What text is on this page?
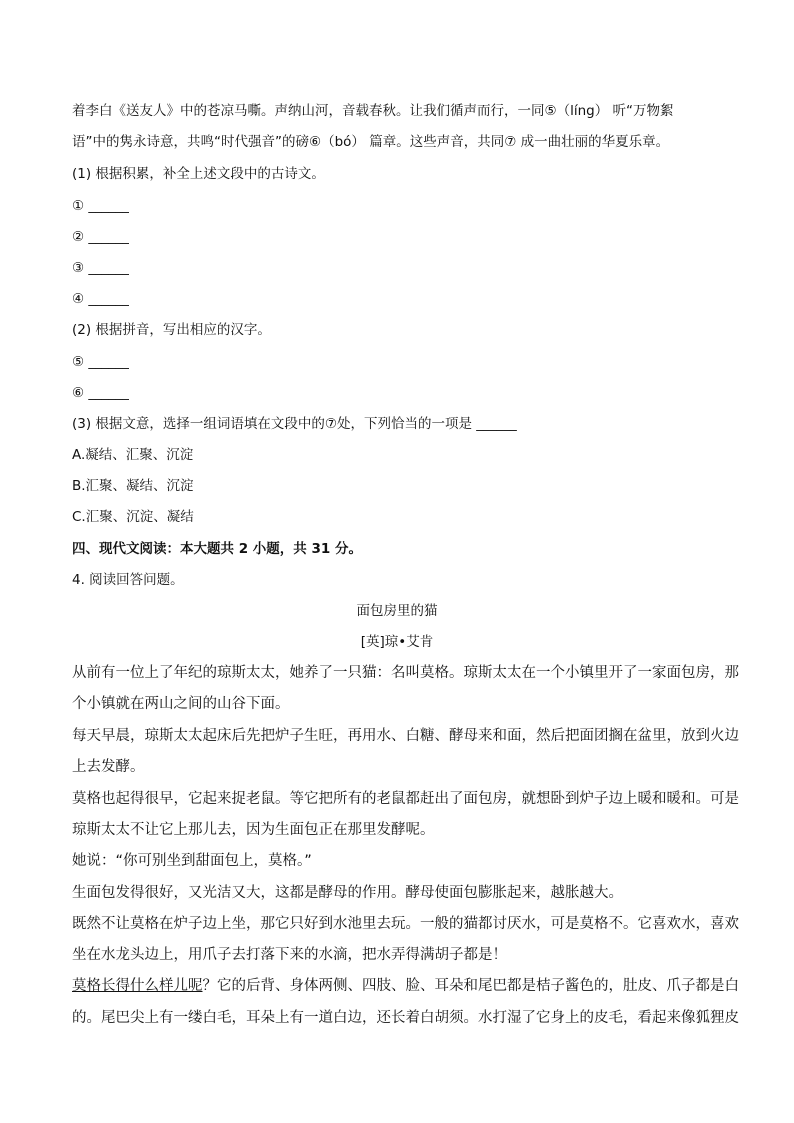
着李白《送友人》中的苍凉马嘶。声纳山河，音载春秋。让我们循声而行，一同⑤（líng） 听“万物絮
语”中的隽永诗意，共鸣“时代强音”的磅⑥（bó） 篇章。这些声音，共同⑦ 成一曲壮丽的华夏乐章。
(1) 根据积累，补全上述文段中的古诗文。
① ______
② ______
③ ______
④ ______
(2) 根据拼音，写出相应的汉字。
⑤ ______
⑥ ______
(3) 根据文意，选择一组词语填在文段中的⑦处，下列恰当的一项是 ______
A.凝结、汇聚、沉淀
B.汇聚、凝结、沉淀
C.汇聚、沉淀、凝结
四、现代文阅读：本大题共 2 小题，共 31 分。
4. 阅读回答问题。
面包房里的猫
[英]琼•艾肯
从前有一位上了年纪的琼斯太太，她养了一只猫：名叫莫格。琼斯太太在一个小镇里开了一家面包房，那
个小镇就在两山之间的山谷下面。
每天早晨，琼斯太太起床后先把炉子生旺，再用水、白糖、酵母来和面，然后把面团搁在盆里，放到火边
上去发酵。
莫格也起得很早，它起来捉老鼠。等它把所有的老鼠都赶出了面包房，就想卧到炉子边上暖和暖和。可是
琼斯太太不让它上那儿去，因为生面包正在那里发酵呢。
她说：“你可别坐到甜面包上，莫格。”
生面包发得很好，又光洁又大，这都是酵母的作用。酵母使面包膨胀起来，越胀越大。
既然不让莫格在炉子边上坐，那它只好到水池里去玩。一般的猫都讨厌水，可是莫格不。它喜欢水，喜欢
坐在水龙头边上，用爪子去打落下来的水滴，把水弄得满胡子都是！
莫格长得什么样儿呢？它的后背、身体两侧、四肢、脸、耳朵和尾巴都是桔子酱色的，肚皮、爪子都是白
的。尾巴尖上有一缕白毛，耳朵上有一道白边，还长着白胡须。水打湿了它身上的皮毛，看起来像狐狸皮
